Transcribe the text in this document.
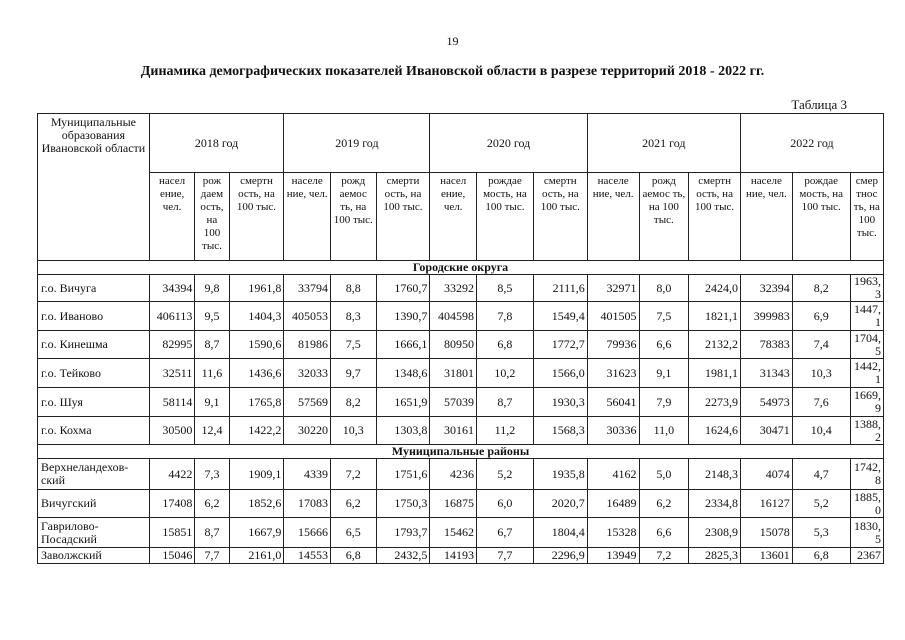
19
Динамика демографических показателей Ивановской области в разрезе территорий 2018 - 2022 гг.
Таблица 3
Муниципальные образования Ивановской области	2018 год			2019 год			2020 год			2021 год			2022 год		
	насел ение, чел.	рож даем ость, на 100 тыс.	смертн ость, на 100 тыс.	населе ние, чел.	рожд аемос ть, на 100 тыс.	смерти ость, на 100 тыс.	насел ение, чел.	рождае мость, на 100 тыс.	смертн ость, на 100 тыс.	населе ние, чел.	рожд аемос ть, на 100 тыс.	смертн ость, на 100 тыс.	населе ние, чел.	рождае мость, на 100 тыс.	смер тнос ть, на 100 тыс.
Городские округа															
г.о. Вичуга	34394	9,8	1961,8	33794	8,8	1760,7	33292	8,5	2111,6	32971	8,0	2424,0	32394	8,2	1963,3
г.о. Иваново	406113	9,5	1404,3	405053	8,3	1390,7	404598	7,8	1549,4	401505	7,5	1821,1	399983	6,9	1447,1
г.о. Кинешма	82995	8,7	1590,6	81986	7,5	1666,1	80950	6,8	1772,7	79936	6,6	2132,2	78383	7,4	1704,5
г.о. Тейково	32511	11,6	1436,6	32033	9,7	1348,6	31801	10,2	1566,0	31623	9,1	1981,1	31343	10,3	1442,1
г.о. Шуя	58114	9,1	1765,8	57569	8,2	1651,9	57039	8,7	1930,3	56041	7,9	2273,9	54973	7,6	1669,9
г.о. Кохма	30500	12,4	1422,2	30220	10,3	1303,8	30161	11,2	1568,3	30336	11,0	1624,6	30471	10,4	1388,2
Муниципальные районы															
Верхнеландехов-ский	4422	7,3	1909,1	4339	7,2	1751,6	4236	5,2	1935,8	4162	5,0	2148,3	4074	4,7	1742,8
Вичугский	17408	6,2	1852,6	17083	6,2	1750,3	16875	6,0	2020,7	16489	6,2	2334,8	16127	5,2	1885,0
Гаврилово-Посадский	15851	8,7	1667,9	15666	6,5	1793,7	15462	6,7	1804,4	15328	6,6	2308,9	15078	5,3	1830,5
Заволжский	15046	7,7	2161,0	14553	6,8	2432,5	14193	7,7	2296,9	13949	7,2	2825,3	13601	6,8	2367
